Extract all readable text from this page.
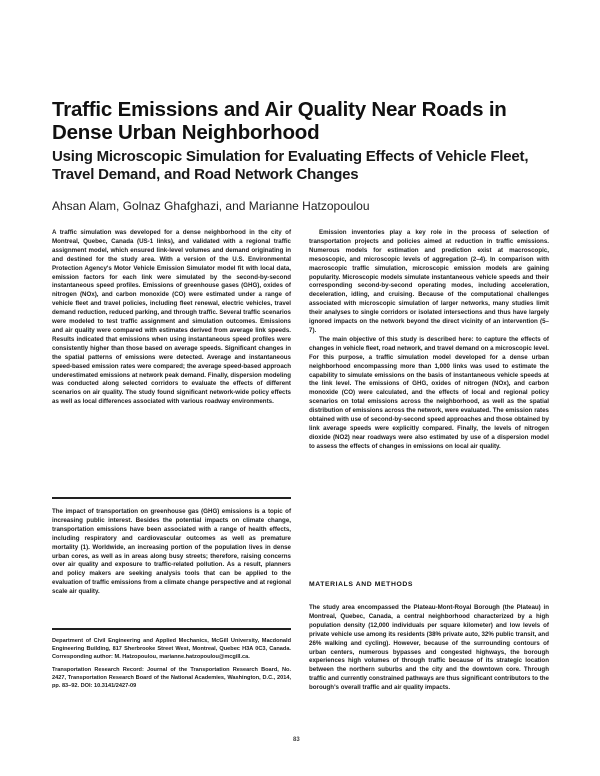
Traffic Emissions and Air Quality Near Roads in Dense Urban Neighborhood
Using Microscopic Simulation for Evaluating Effects of Vehicle Fleet, Travel Demand, and Road Network Changes
Ahsan Alam, Golnaz Ghafghazi, and Marianne Hatzopoulou

A traffic simulation was developed for a dense neighborhood in the city of Montreal, Quebec, Canada (US-1 links), and validated with a regional traffic assignment model, which ensured link-level volumes and demand originating in and destined for the study area. With a version of the U.S. Environmental Protection Agency's Motor Vehicle Emission Simulator model fit with local data, emission factors for each link were simulated by the second-by-second instantaneous speed profiles. Emissions of greenhouse gases (GHG), oxides of nitrogen (NOx), and carbon monoxide (CO) were estimated under a range of vehicle fleet and travel policies, including fleet renewal, electric vehicles, travel demand reduction, reduced parking, and through traffic. Several traffic scenarios were modeled to test traffic assignment and simulation outcomes. Emissions and air quality were compared with estimates derived from average link speeds. Results indicated that emissions when using instantaneous speed profiles were consistently higher than those based on average speeds. Significant changes in the spatial patterns of emissions were detected. Average and instantaneous speed-based emission rates were compared; the average speed-based approach underestimated emissions at network peak demand. Finally, dispersion modeling was conducted along selected corridors to evaluate the effects of different scenarios on air quality. The study found significant network-wide policy effects as well as local differences associated with various roadway environments.

The impact of transportation on greenhouse gas (GHG) emissions is a topic of increasing public interest. Besides the potential impacts on climate change, transportation emissions have been associated with a range of health effects, including respiratory and cardiovascular outcomes as well as premature mortality (1). Worldwide, an increasing portion of the population lives in dense urban cores, as well as in areas along busy streets; therefore, raising concerns over air quality and exposure to traffic-related pollution. As a result, planners and policy makers are seeking analysis tools that can be applied to the evaluation of traffic emissions from a climate change perspective and at regional scale air quality.

Department of Civil Engineering and Applied Mechanics, McGill University, Macdonald Engineering Building, 817 Sherbrooke Street West, Montreal, Quebec H3A 0C3, Canada. Corresponding author: M. Hatzopoulou, marianne.hatzopoulou@mcgill.ca.

Transportation Research Record: Journal of the Transportation Research Board, No. 2427, Transportation Research Board of the National Academies, Washington, D.C., 2014, pp. 83–92. DOI: 10.3141/2427-09

Emission inventories play a key role in the process of selection of transportation projects and policies aimed at reduction in traffic emissions. Numerous models for estimation and prediction exist at macroscopic, mesoscopic, and microscopic levels of aggregation (2–4). In comparison with macroscopic traffic simulation, microscopic emission models are gaining popularity. Microscopic models simulate instantaneous vehicle speeds and their corresponding second-by-second operating modes, including acceleration, deceleration, idling, and cruising. Because of the computational challenges associated with microscopic simulation of larger networks, many studies limit their analyses to single corridors or isolated intersections and thus have largely ignored impacts on the network beyond the direct vicinity of an intervention (5–7).

The main objective of this study is described here: to capture the effects of changes in vehicle fleet, road network, and travel demand on a microscopic level. For this purpose, a traffic simulation model developed for a dense urban neighborhood encompassing more than 1,000 links was used to estimate the capability to simulate emissions on the basis of instantaneous vehicle speeds at the link level. The emissions of GHG, oxides of nitrogen (NOx), and carbon monoxide (CO) were calculated, and the effects of local and regional policy scenarios on total emissions across the neighborhood, as well as the spatial distribution of emissions across the network, were evaluated. The emission rates obtained with use of second-by-second speed approaches and those obtained by link average speeds were explicitly compared. Finally, the levels of nitrogen dioxide (NO2) near roadways were also estimated by use of a dispersion model to assess the effects of changes in emissions on local air quality.

MATERIALS AND METHODS

The study area encompassed the Plateau-Mont-Royal Borough (the Plateau) in Montreal, Quebec, Canada, a central neighborhood characterized by a high population density (12,000 individuals per square kilometer) and low levels of private vehicle use among its residents (38% private auto, 32% public transit, and 26% walking and cycling). However, because of the surrounding contours of urban centers, numerous bypasses and congested highways, the borough experiences high volumes of through traffic because of its strategic location between the northern suburbs and the city and the downtown core. Through traffic and currently constrained pathways are thus significant contributors to the borough's overall traffic and air quality impacts.

83
